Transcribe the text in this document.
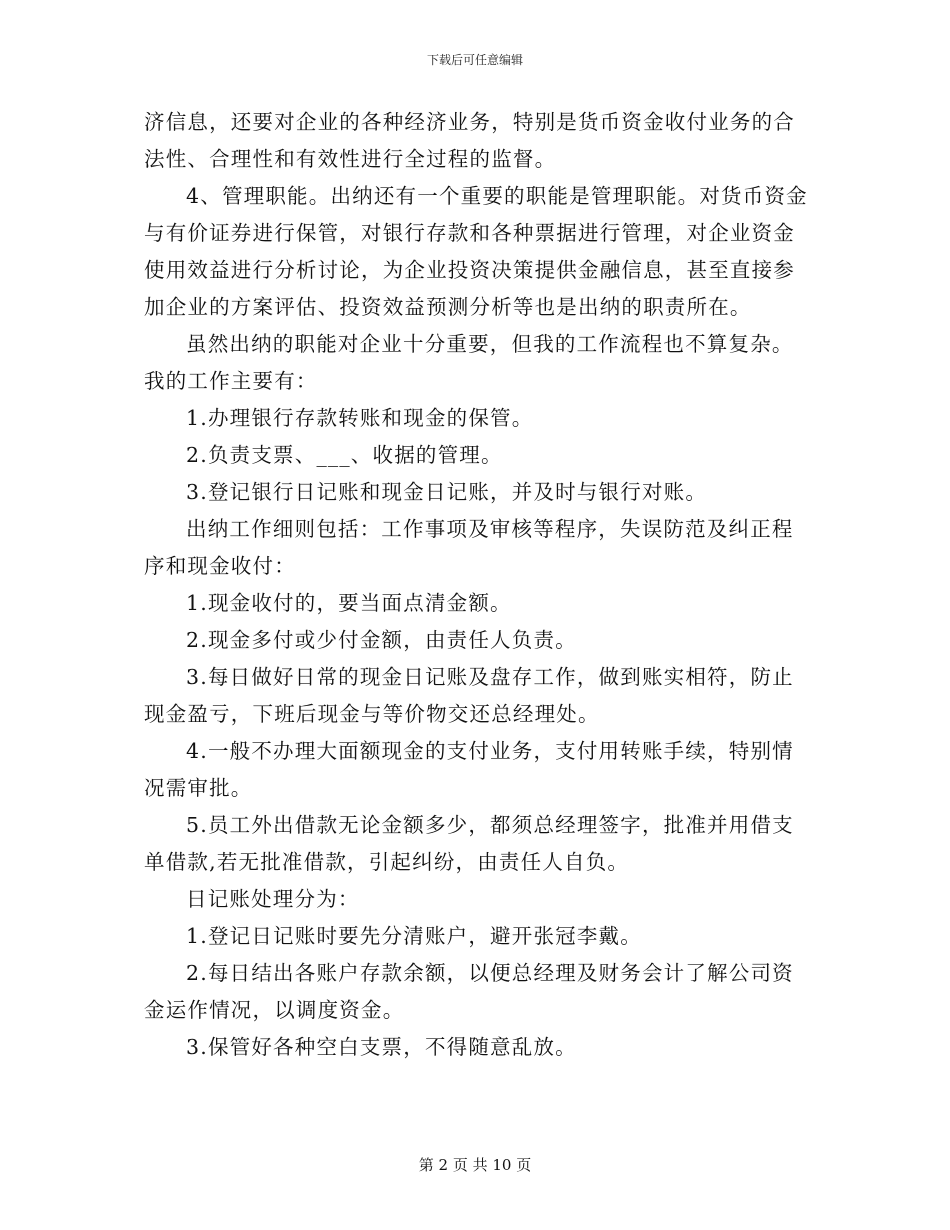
下载后可任意编辑
济信息，还要对企业的各种经济业务，特别是货币资金收付业务的合
法性、合理性和有效性进行全过程的监督。
4、管理职能。出纳还有一个重要的职能是管理职能。对货币资金
与有价证券进行保管，对银行存款和各种票据进行管理，对企业资金
使用效益进行分析讨论，为企业投资决策提供金融信息，甚至直接参
加企业的方案评估、投资效益预测分析等也是出纳的职责所在。
虽然出纳的职能对企业十分重要，但我的工作流程也不算复杂。
我的工作主要有：
1.办理银行存款转账和现金的保管。
2.负责支票、___、收据的管理。
3.登记银行日记账和现金日记账，并及时与银行对账。
出纳工作细则包括：工作事项及审核等程序，失误防范及纠正程
序和现金收付：
1.现金收付的，要当面点清金额。
2.现金多付或少付金额，由责任人负责。
3.每日做好日常的现金日记账及盘存工作，做到账实相符，防止
现金盈亏，下班后现金与等价物交还总经理处。
4.一般不办理大面额现金的支付业务，支付用转账手续，特别情
况需审批。
5.员工外出借款无论金额多少，都须总经理签字，批准并用借支
单借款,若无批准借款，引起纠纷，由责任人自负。
日记账处理分为：
1.登记日记账时要先分清账户，避开张冠李戴。
2.每日结出各账户存款余额，以便总经理及财务会计了解公司资
金运作情况，以调度资金。
3.保管好各种空白支票，不得随意乱放。
第 2 页 共 10 页
